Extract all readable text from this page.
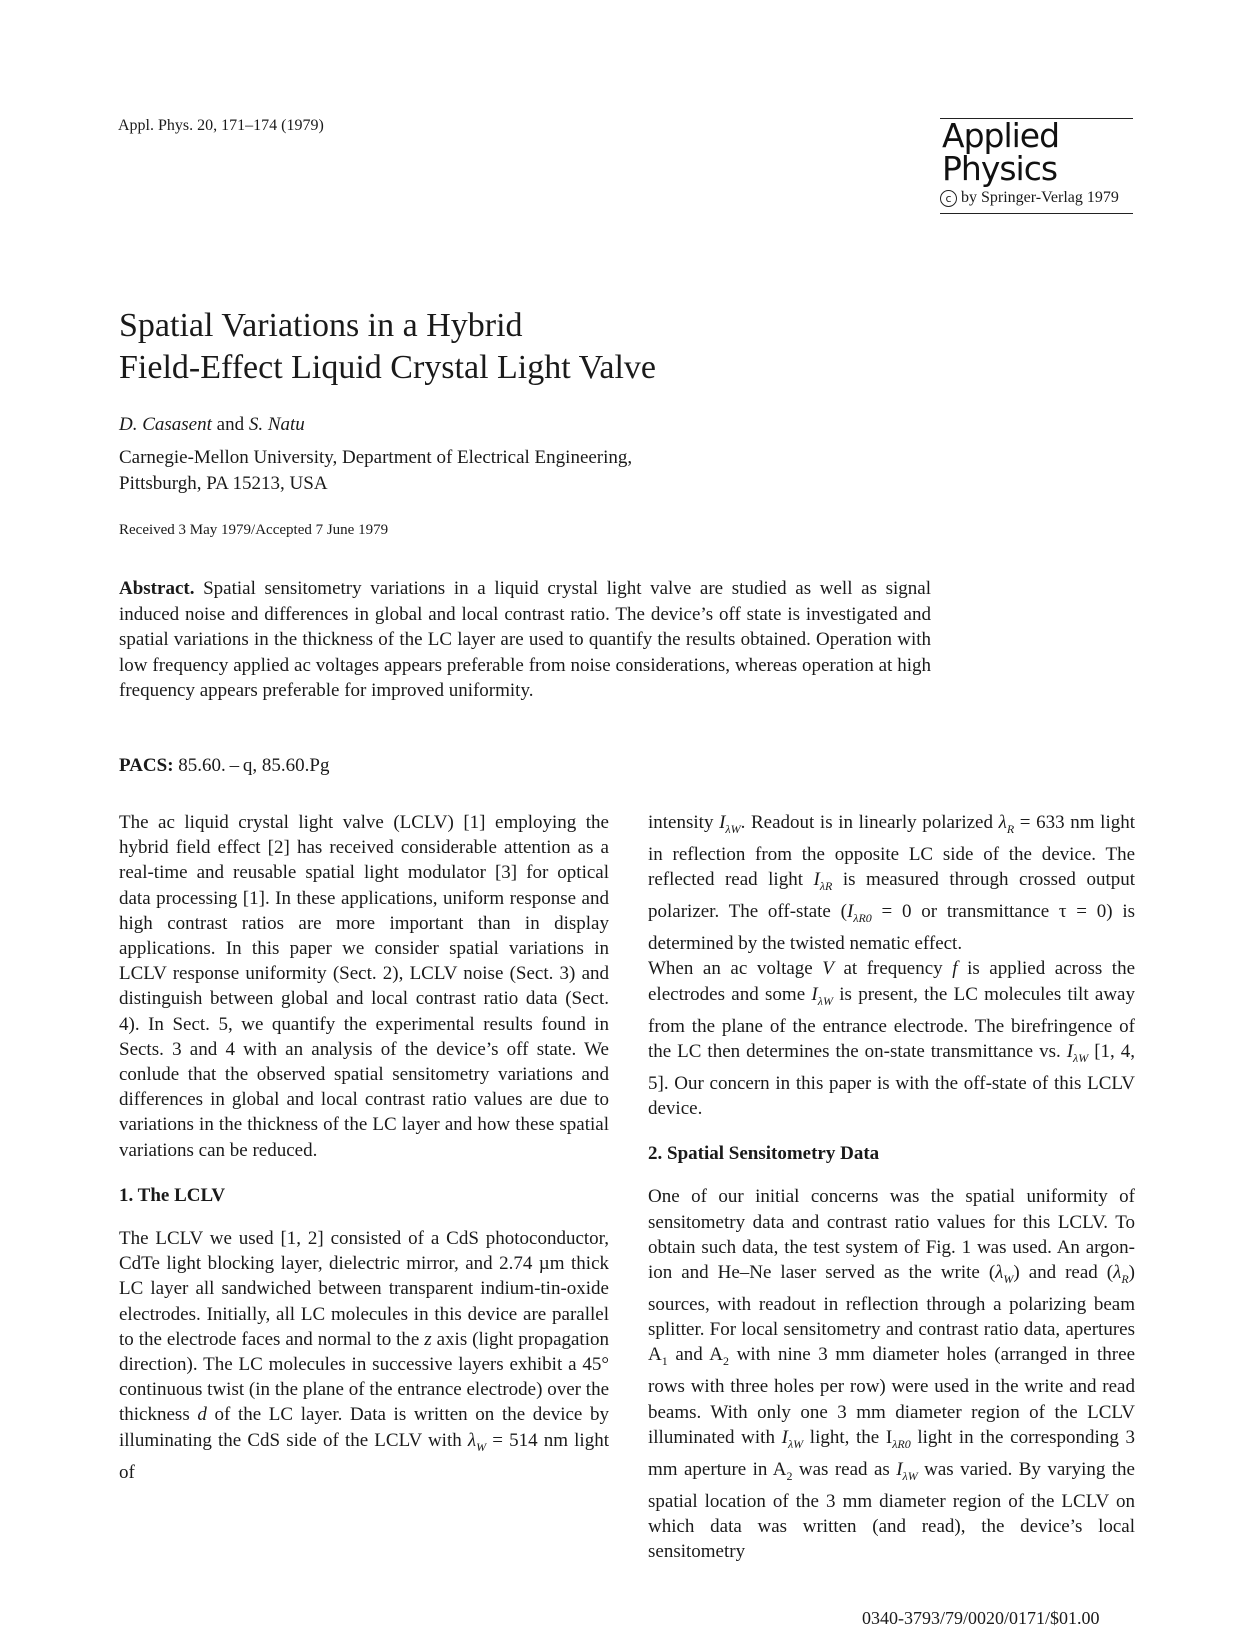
Appl. Phys. 20, 171–174 (1979)	Applied
Physics
c by Springer-Verlag 1979
Spatial Variations in a Hybrid
Field-Effect Liquid Crystal Light Valve
D. Casasent and S. Natu
Carnegie-Mellon University, Department of Electrical Engineering,
Pittsburgh, PA 15213, USA
Received 3 May 1979/Accepted 7 June 1979
Abstract. Spatial sensitometry variations in a liquid crystal light valve are studied as well as signal induced noise and differences in global and local contrast ratio. The device’s off state is investigated and spatial variations in the thickness of the LC layer are used to quantify the results obtained. Operation with low frequency applied ac voltages appears preferable from noise considerations, whereas operation at high frequency appears preferable for improved uniformity.
PACS: 85.60. – q, 85.60.Pg

The ac liquid crystal light valve (LCLV) [1] employing the hybrid field effect [2] has received considerable attention as a real-time and reusable spatial light modulator [3] for optical data processing [1]. In these applications, uniform response and high contrast ratios are more important than in display applications. In this paper we consider spatial variations in LCLV response uniformity (Sect. 2), LCLV noise (Sect. 3) and distinguish between global and local contrast ratio data (Sect. 4). In Sect. 5, we quantify the experimental results found in Sects. 3 and 4 with an analysis of the device’s off state. We conlude that the observed spatial sensitometry variations and differences in global and local contrast ratio values are due to variations in the thickness of the LC layer and how these spatial variations can be reduced.

1. The LCLV

The LCLV we used [1, 2] consisted of a CdS photoconductor, CdTe light blocking layer, dielectric mirror, and 2.74 µm thick LC layer all sandwiched between transparent indium-tin-oxide electrodes. Initially, all LC molecules in this device are parallel to the electrode faces and normal to the z axis (light propagation direction). The LC molecules in successive layers exhibit a 45° continuous twist (in the plane of the entrance electrode) over the thickness d of the LC layer. Data is written on the device by illuminating the CdS side of the LCLV with $\lambda_W = 514$ nm light of

intensity $I_{\lambda W}$. Readout is in linearly polarized $\lambda_R = 633$ nm light in reflection from the opposite LC side of the device. The reflected read light $I_{\lambda R}$ is measured through crossed output polarizer. The off-state ($I_{\lambda R0} = 0$ or transmittance τ = 0) is determined by the twisted nematic effect.

When an ac voltage V at frequency f is applied across the electrodes and some $I_{\lambda W}$ is present, the LC molecules tilt away from the plane of the entrance electrode. The birefringence of the LC then determines the on-state transmittance vs. $I_{\lambda W}$ [1, 4, 5]. Our concern in this paper is with the off-state of this LCLV device.

2. Spatial Sensitometry Data

One of our initial concerns was the spatial uniformity of sensitometry data and contrast ratio values for this LCLV. To obtain such data, the test system of Fig. 1 was used. An argon-ion and He–Ne laser served as the write $(\lambda_W)$ and read $(\lambda_R)$ sources, with readout in reflection through a polarizing beam splitter. For local sensitometry and contrast ratio data, apertures $A_1$ and $A_2$ with nine 3 mm diameter holes (arranged in three rows with three holes per row) were used in the write and read beams. With only one 3 mm diameter region of the LCLV illuminated with $I_{\lambda W}$ light, the $I_{\lambda R0}$ light in the corresponding 3 mm aperture in $A_2$ was read as $I_{\lambda W}$ was varied. By varying the spatial location of the 3 mm diameter region of the LCLV on which data was written (and read), the device’s local sensitometry

0340-3793/79/0020/0171/$01.00
